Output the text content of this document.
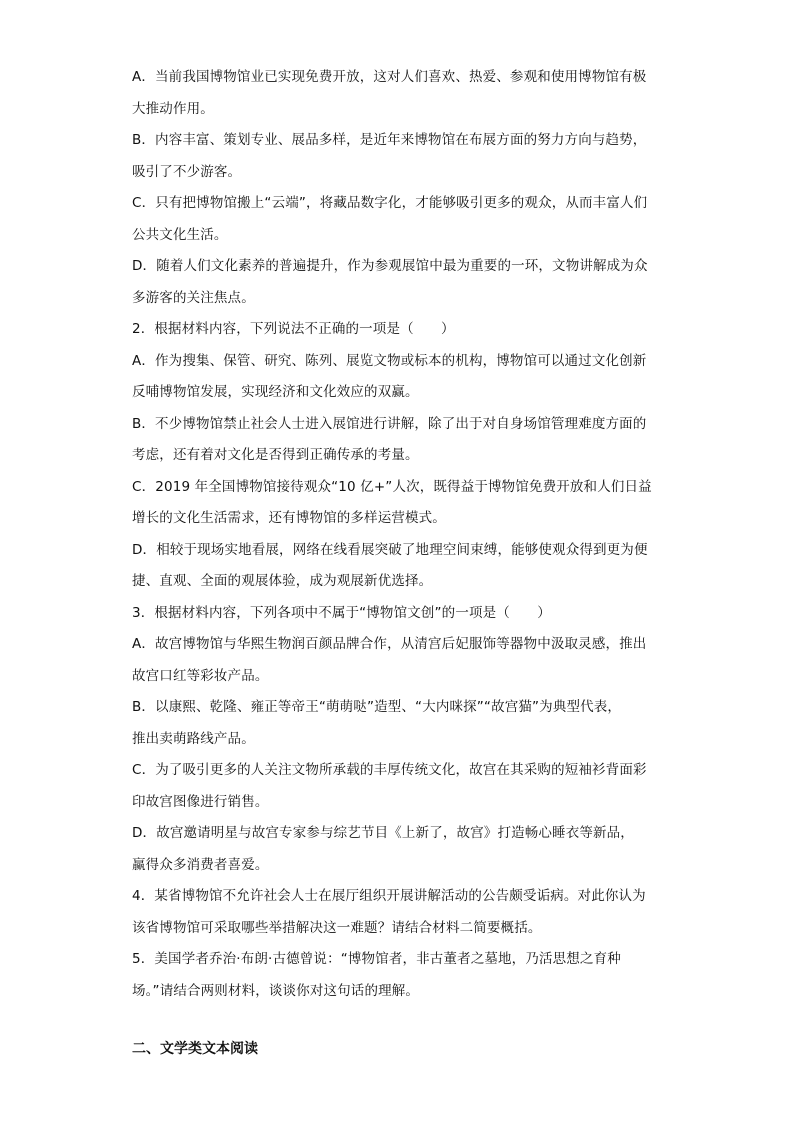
A．当前我国博物馆业已实现免费开放，这对人们喜欢、热爱、参观和使用博物馆有极
大推动作用。
B．内容丰富、策划专业、展品多样，是近年来博物馆在布展方面的努力方向与趋势，
吸引了不少游客。
C．只有把博物馆搬上“云端”，将藏品数字化，才能够吸引更多的观众，从而丰富人们
公共文化生活。
D．随着人们文化素养的普遍提升，作为参观展馆中最为重要的一环，文物讲解成为众
多游客的关注焦点。
2．根据材料内容，下列说法不正确的一项是（　　）
A．作为搜集、保管、研究、陈列、展览文物或标本的机构，博物馆可以通过文化创新
反哺博物馆发展，实现经济和文化效应的双赢。
B．不少博物馆禁止社会人士进入展馆进行讲解，除了出于对自身场馆管理难度方面的
考虑，还有着对文化是否得到正确传承的考量。
C．2019 年全国博物馆接待观众“10 亿+”人次，既得益于博物馆免费开放和人们日益
增长的文化生活需求，还有博物馆的多样运营模式。
D．相较于现场实地看展，网络在线看展突破了地理空间束缚，能够使观众得到更为便
捷、直观、全面的观展体验，成为观展新优选择。
3．根据材料内容，下列各项中不属于“博物馆文创”的一项是（　　）
A．故宫博物馆与华熙生物润百颜品牌合作，从清宫后妃服饰等器物中汲取灵感，推出
故宫口红等彩妆产品。
B．以康熙、乾隆、雍正等帝王“萌萌哒”造型、“大内咪探”“故宫猫”为典型代表，
推出卖萌路线产品。
C．为了吸引更多的人关注文物所承载的丰厚传统文化，故宫在其采购的短袖衫背面彩
印故宫图像进行销售。
D．故宫邀请明星与故宫专家参与综艺节目《上新了，故宫》打造畅心睡衣等新品，
赢得众多消费者喜爱。
4．某省博物馆不允许社会人士在展厅组织开展讲解活动的公告颇受诟病。对此你认为
该省博物馆可采取哪些举措解决这一难题？请结合材料二简要概括。
5．美国学者乔治·布朗·古德曾说：“博物馆者，非古董者之墓地，乃活思想之育种
场。”请结合两则材料，谈谈你对这句话的理解。
二、文学类文本阅读
